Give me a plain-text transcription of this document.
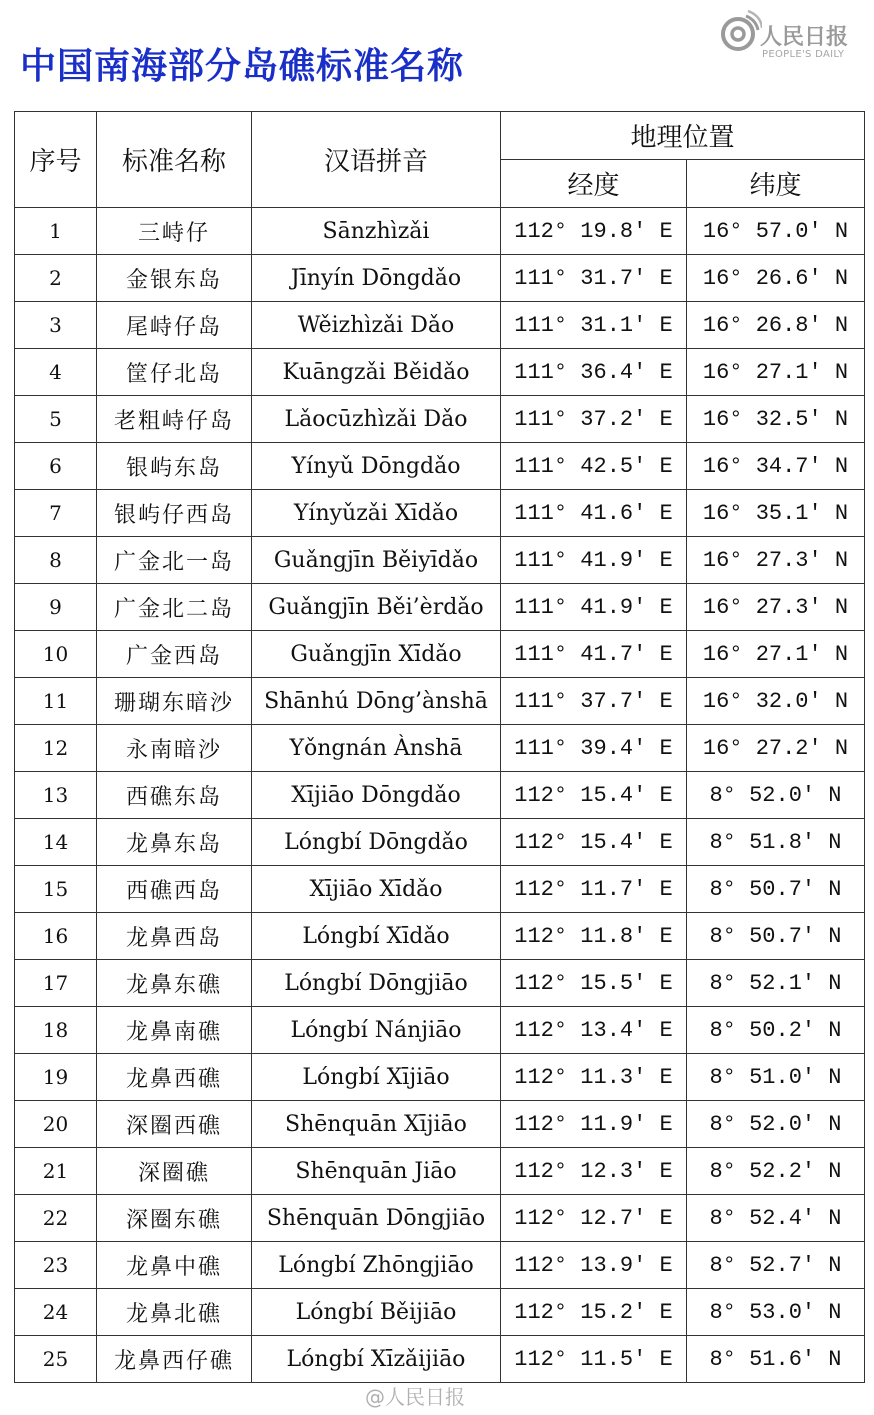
中国南海部分岛礁标准名称
人民日报
PEOPLE'S DAILY
序号	标准名称	汉语拼音	地理位置	
			经度	纬度
1	三峙仔	Sānzhìzǎi	112° 19.8′ E	16° 57.0′ N
2	金银东岛	Jīnyín Dōngdǎo	111° 31.7′ E	16° 26.6′ N
3	尾峙仔岛	Wěizhìzǎi Dǎo	111° 31.1′ E	16° 26.8′ N
4	筐仔北岛	Kuāngzǎi Běidǎo	111° 36.4′ E	16° 27.1′ N
5	老粗峙仔岛	Lǎocūzhìzǎi Dǎo	111° 37.2′ E	16° 32.5′ N
6	银屿东岛	Yínyǔ Dōngdǎo	111° 42.5′ E	16° 34.7′ N
7	银屿仔西岛	Yínyǔzǎi Xīdǎo	111° 41.6′ E	16° 35.1′ N
8	广金北一岛	Guǎngjīn Běiyīdǎo	111° 41.9′ E	16° 27.3′ N
9	广金北二岛	Guǎngjīn Běi’èrdǎo	111° 41.9′ E	16° 27.3′ N
10	广金西岛	Guǎngjīn Xīdǎo	111° 41.7′ E	16° 27.1′ N
11	珊瑚东暗沙	Shānhú Dōng’ànshā	111° 37.7′ E	16° 32.0′ N
12	永南暗沙	Yǒngnán Ànshā	111° 39.4′ E	16° 27.2′ N
13	西礁东岛	Xījiāo Dōngdǎo	112° 15.4′ E	8° 52.0′ N
14	龙鼻东岛	Lóngbí Dōngdǎo	112° 15.4′ E	8° 51.8′ N
15	西礁西岛	Xījiāo Xīdǎo	112° 11.7′ E	8° 50.7′ N
16	龙鼻西岛	Lóngbí Xīdǎo	112° 11.8′ E	8° 50.7′ N
17	龙鼻东礁	Lóngbí Dōngjiāo	112° 15.5′ E	8° 52.1′ N
18	龙鼻南礁	Lóngbí Nánjiāo	112° 13.4′ E	8° 50.2′ N
19	龙鼻西礁	Lóngbí Xījiāo	112° 11.3′ E	8° 51.0′ N
20	深圈西礁	Shēnquān Xījiāo	112° 11.9′ E	8° 52.0′ N
21	深圈礁	Shēnquān Jiāo	112° 12.3′ E	8° 52.2′ N
22	深圈东礁	Shēnquān Dōngjiāo	112° 12.7′ E	8° 52.4′ N
23	龙鼻中礁	Lóngbí Zhōngjiāo	112° 13.9′ E	8° 52.7′ N
24	龙鼻北礁	Lóngbí Běijiāo	112° 15.2′ E	8° 53.0′ N
25	龙鼻西仔礁	Lóngbí Xīzǎijiāo	112° 11.5′ E	8° 51.6′ N
@人民日报
